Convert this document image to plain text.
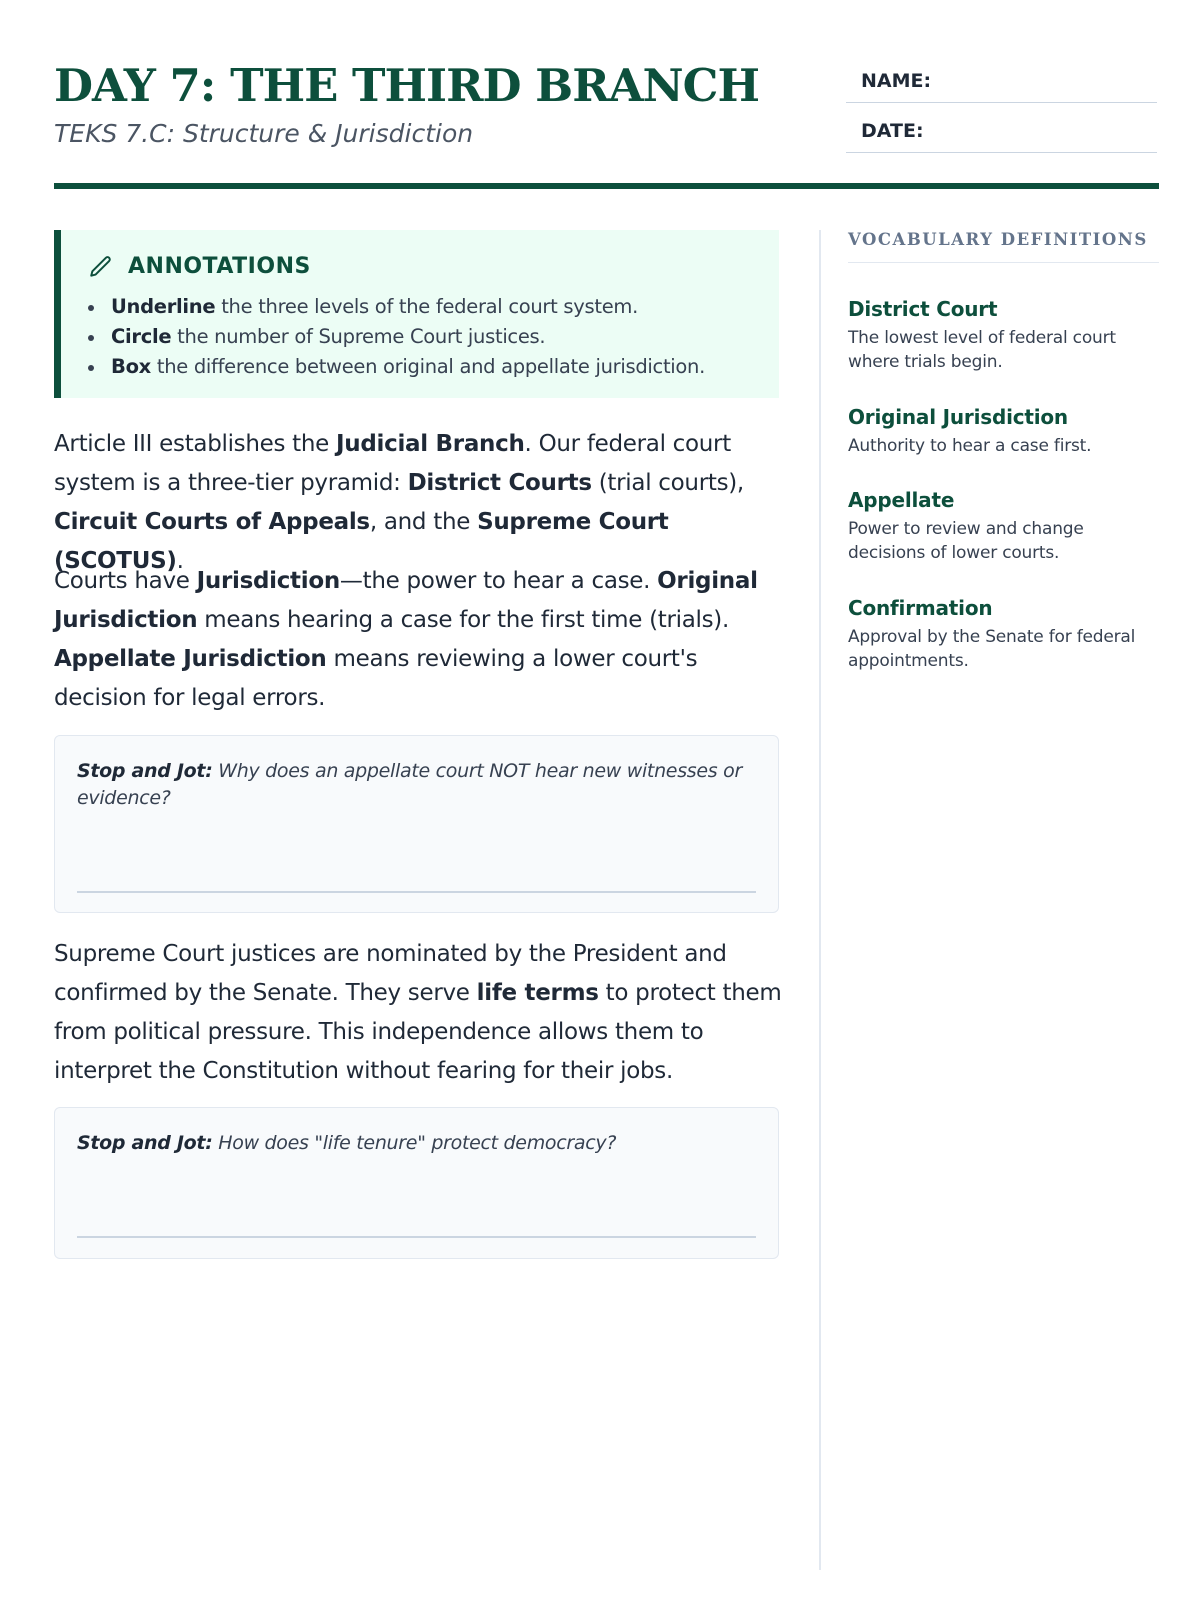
DAY 7: THE THIRD BRANCH
TEKS 7.C: Structure & Jurisdiction
NAME:
DATE:
ANNOTATIONS
Underline the three levels of the federal court system.
Circle the number of Supreme Court justices.
Box the difference between original and appellate jurisdiction.

Article III establishes the Judicial Branch. Our federal court system is a three-tier pyramid: District Courts (trial courts), Circuit Courts of Appeals, and the Supreme Court (SCOTUS).

Courts have Jurisdiction—the power to hear a case. Original Jurisdiction means hearing a case for the first time (trials). Appellate Jurisdiction means reviewing a lower court's decision for legal errors.

Stop and Jot: Why does an appellate court NOT hear new witnesses or evidence?

Supreme Court justices are nominated by the President and confirmed by the Senate. They serve life terms to protect them from political pressure. This independence allows them to interpret the Constitution without fearing for their jobs.

Stop and Jot: How does "life tenure" protect democracy?

VOCABULARY DEFINITIONS
District Court
The lowest level of federal court where trials begin.
Original Jurisdiction
Authority to hear a case first.
Appellate
Power to review and change decisions of lower courts.
Confirmation
Approval by the Senate for federal appointments.
